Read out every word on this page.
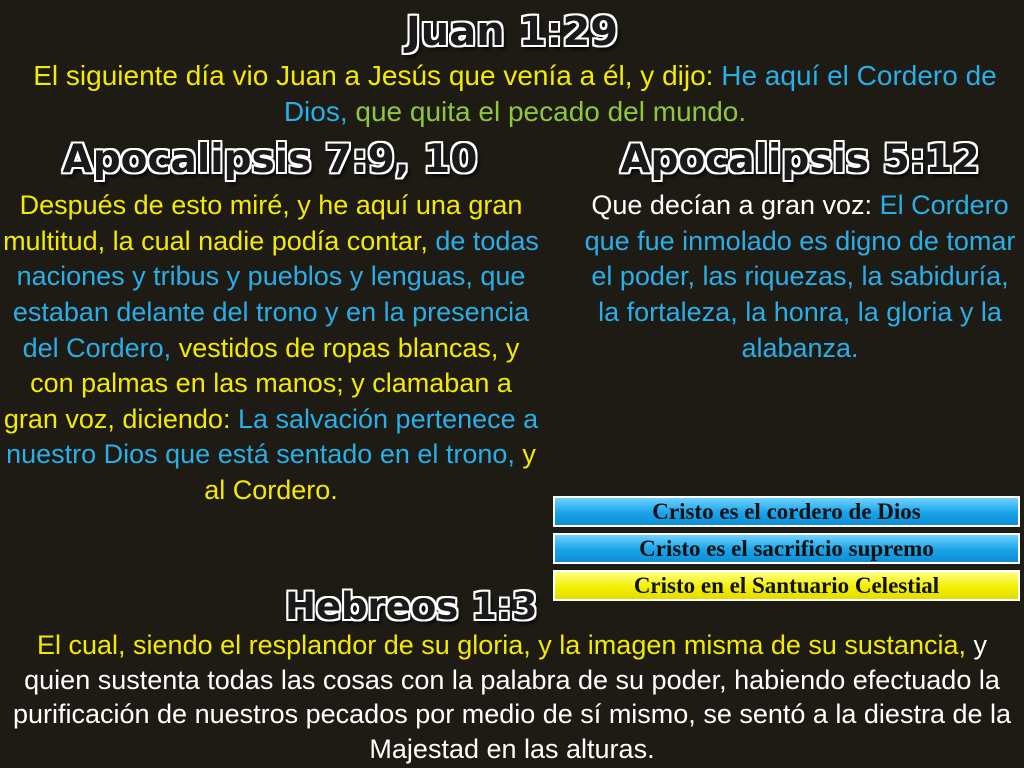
Juan 1:29
El siguiente día vio Juan a Jesús que venía a él, y dijo: He aquí el Cordero de Dios, que quita el pecado del mundo.
Apocalipsis 7:9, 10
Después de esto miré, y he aquí una gran multitud, la cual nadie podía contar, de todas naciones y tribus y pueblos y lenguas, que estaban delante del trono y en la presencia del Cordero, vestidos de ropas blancas, y con palmas en las manos; y clamaban a gran voz, diciendo: La salvación pertenece a nuestro Dios que está sentado en el trono, y al Cordero.
Apocalipsis 5:12
Que decían a gran voz: El Cordero que fue inmolado es digno de tomar el poder, las riquezas, la sabiduría, la fortaleza, la honra, la gloria y la alabanza.
Cristo es el cordero de Dios
Cristo es el sacrificio supremo
Cristo en el Santuario Celestial
Hebreos 1:3
El cual, siendo el resplandor de su gloria, y la imagen misma de su sustancia, y quien sustenta todas las cosas con la palabra de su poder, habiendo efectuado la purificación de nuestros pecados por medio de sí mismo, se sentó a la diestra de la Majestad en las alturas.
